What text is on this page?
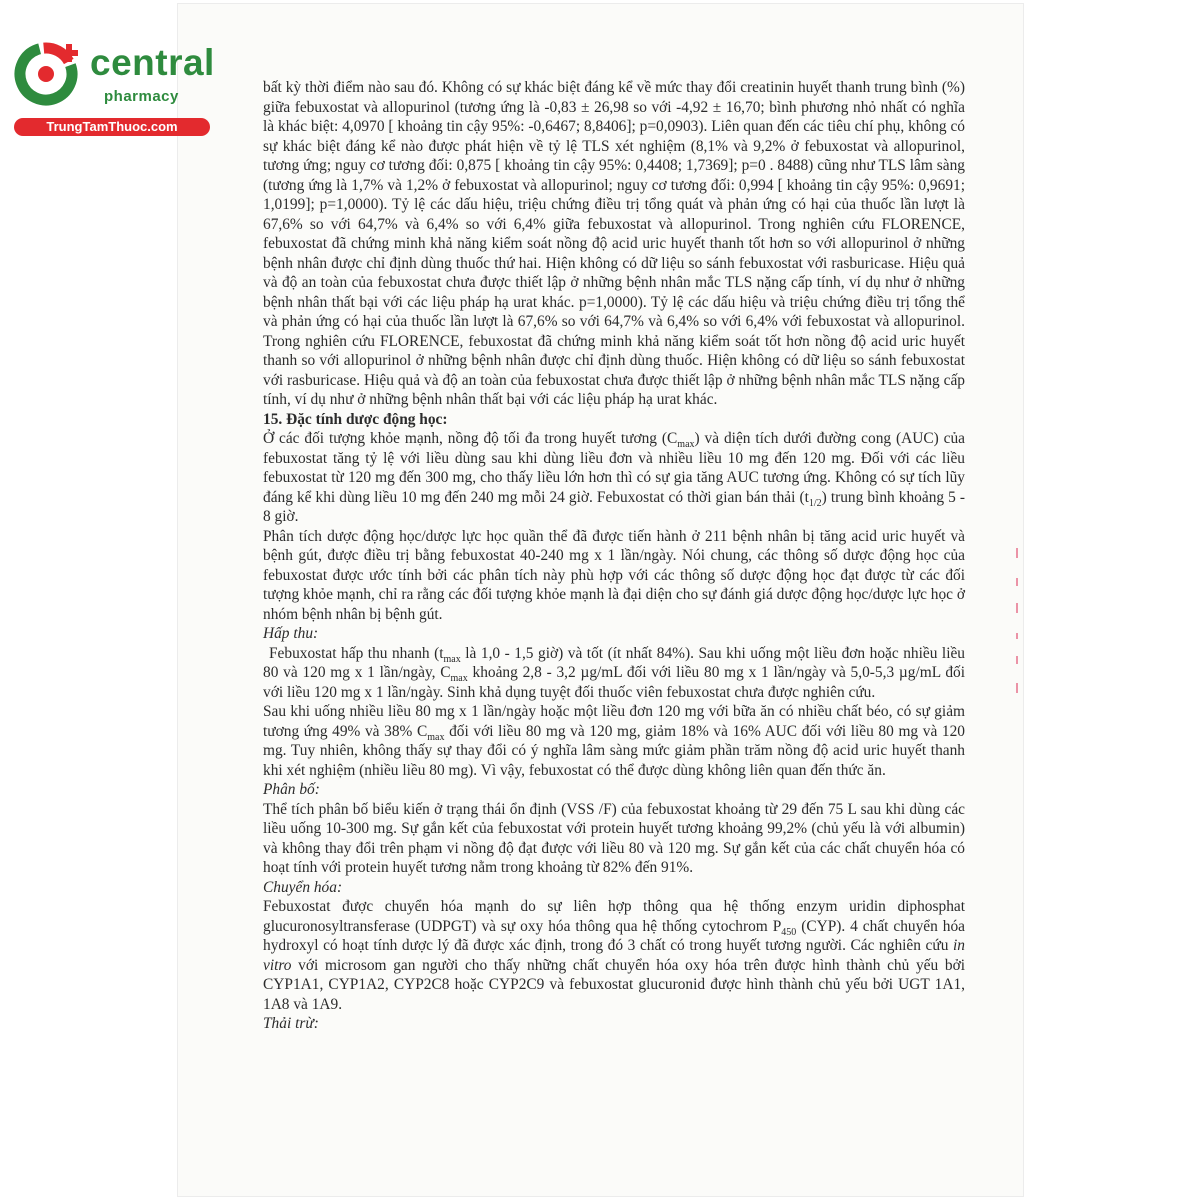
central
pharmacy
TrungTamThuoc.com

bất kỳ thời điểm nào sau đó. Không có sự khác biệt đáng kể về mức thay đổi creatinin huyết thanh trung bình (%) giữa febuxostat và allopurinol (tương ứng là -0,83 ± 26,98 so với -4,92 ± 16,70; bình phương nhỏ nhất có nghĩa là khác biệt: 4,0970 [ khoảng tin cậy 95%: -0,6467; 8,8406]; p=0,0903). Liên quan đến các tiêu chí phụ, không có sự khác biệt đáng kể nào được phát hiện về tỷ lệ TLS xét nghiệm (8,1% và 9,2% ở febuxostat và allopurinol, tương ứng; nguy cơ tương đối: 0,875 [ khoảng tin cậy 95%: 0,4408; 1,7369]; p=0 . 8488) cũng như TLS lâm sàng (tương ứng là 1,7% và 1,2% ở febuxostat và allopurinol; nguy cơ tương đối: 0,994 [ khoảng tin cậy 95%: 0,9691; 1,0199]; p=1,0000). Tỷ lệ các dấu hiệu, triệu chứng điều trị tổng quát và phản ứng có hại của thuốc lần lượt là 67,6% so với 64,7% và 6,4% so với 6,4% giữa febuxostat và allopurinol. Trong nghiên cứu FLORENCE, febuxostat đã chứng minh khả năng kiểm soát nồng độ acid uric huyết thanh tốt hơn so với allopurinol ở những bệnh nhân được chỉ định dùng thuốc thứ hai. Hiện không có dữ liệu so sánh febuxostat với rasburicase. Hiệu quả và độ an toàn của febuxostat chưa được thiết lập ở những bệnh nhân mắc TLS nặng cấp tính, ví dụ như ở những bệnh nhân thất bại với các liệu pháp hạ urat khác. p=1,0000). Tỷ lệ các dấu hiệu và triệu chứng điều trị tổng thể và phản ứng có hại của thuốc lần lượt là 67,6% so với 64,7% và 6,4% so với 6,4% với febuxostat và allopurinol. Trong nghiên cứu FLORENCE, febuxostat đã chứng minh khả năng kiểm soát tốt hơn nồng độ acid uric huyết thanh so với allopurinol ở những bệnh nhân được chỉ định dùng thuốc. Hiện không có dữ liệu so sánh febuxostat với rasburicase. Hiệu quả và độ an toàn của febuxostat chưa được thiết lập ở những bệnh nhân mắc TLS nặng cấp tính, ví dụ như ở những bệnh nhân thất bại với các liệu pháp hạ urat khác.

15. Đặc tính dược động học:

Ở các đối tượng khỏe mạnh, nồng độ tối đa trong huyết tương $(C_{max})$ và diện tích dưới đường cong (AUC) của febuxostat tăng tỷ lệ với liều dùng sau khi dùng liều đơn và nhiều liều 10 mg đến 120 mg. Đối với các liều febuxostat từ 120 mg đến 300 mg, cho thấy liều lớn hơn thì có sự gia tăng AUC tương ứng. Không có sự tích lũy đáng kể khi dùng liều 10 mg đến 240 mg mỗi 24 giờ. Febuxostat có thời gian bán thải $(t_{1/2})$ trung bình khoảng 5 - 8 giờ.

Phân tích dược động học/dược lực học quần thể đã được tiến hành ở 211 bệnh nhân bị tăng acid uric huyết và bệnh gút, được điều trị bằng febuxostat 40-240 mg x 1 lần/ngày. Nói chung, các thông số dược động học của febuxostat được ước tính bởi các phân tích này phù hợp với các thông số dược động học đạt được từ các đối tượng khỏe mạnh, chỉ ra rằng các đối tượng khỏe mạnh là đại diện cho sự đánh giá dược động học/dược lực học ở nhóm bệnh nhân bị bệnh gút.

Hấp thu:

Febuxostat hấp thu nhanh ($t_{max}$ là 1,0 - 1,5 giờ) và tốt (ít nhất 84%). Sau khi uống một liều đơn hoặc nhiều liều 80 và 120 mg x 1 lần/ngày, $C_{max}$ khoảng 2,8 - 3,2 µg/mL đối với liều 80 mg x 1 lần/ngày và 5,0-5,3 µg/mL đối với liều 120 mg x 1 lần/ngày. Sinh khả dụng tuyệt đối thuốc viên febuxostat chưa được nghiên cứu.

Sau khi uống nhiều liều 80 mg x 1 lần/ngày hoặc một liều đơn 120 mg với bữa ăn có nhiều chất béo, có sự giảm tương ứng 49% và 38% $C_{max}$ đối với liều 80 mg và 120 mg, giảm 18% và 16% AUC đối với liều 80 mg và 120 mg. Tuy nhiên, không thấy sự thay đổi có ý nghĩa lâm sàng mức giảm phần trăm nồng độ acid uric huyết thanh khi xét nghiệm (nhiều liều 80 mg). Vì vậy, febuxostat có thể được dùng không liên quan đến thức ăn.

Phân bố:

Thể tích phân bố biểu kiến ở trạng thái ổn định (VSS /F) của febuxostat khoảng từ 29 đến 75 L sau khi dùng các liều uống 10-300 mg. Sự gắn kết của febuxostat với protein huyết tương khoảng 99,2% (chủ yếu là với albumin) và không thay đổi trên phạm vi nồng độ đạt được với liều 80 và 120 mg. Sự gắn kết của các chất chuyển hóa có hoạt tính với protein huyết tương nằm trong khoảng từ 82% đến 91%.

Chuyển hóa:

Febuxostat được chuyển hóa mạnh do sự liên hợp thông qua hệ thống enzym uridin diphosphat glucuronosyltransferase (UDPGT) và sự oxy hóa thông qua hệ thống cytochrom $P_{450}$ (CYP). 4 chất chuyển hóa hydroxyl có hoạt tính dược lý đã được xác định, trong đó 3 chất có trong huyết tương người. Các nghiên cứu in vitro với microsom gan người cho thấy những chất chuyển hóa oxy hóa trên được hình thành chủ yếu bởi CYP1A1, CYP1A2, CYP2C8 hoặc CYP2C9 và febuxostat glucuronid được hình thành chủ yếu bởi UGT 1A1, 1A8 và 1A9.

Thải trừ:
